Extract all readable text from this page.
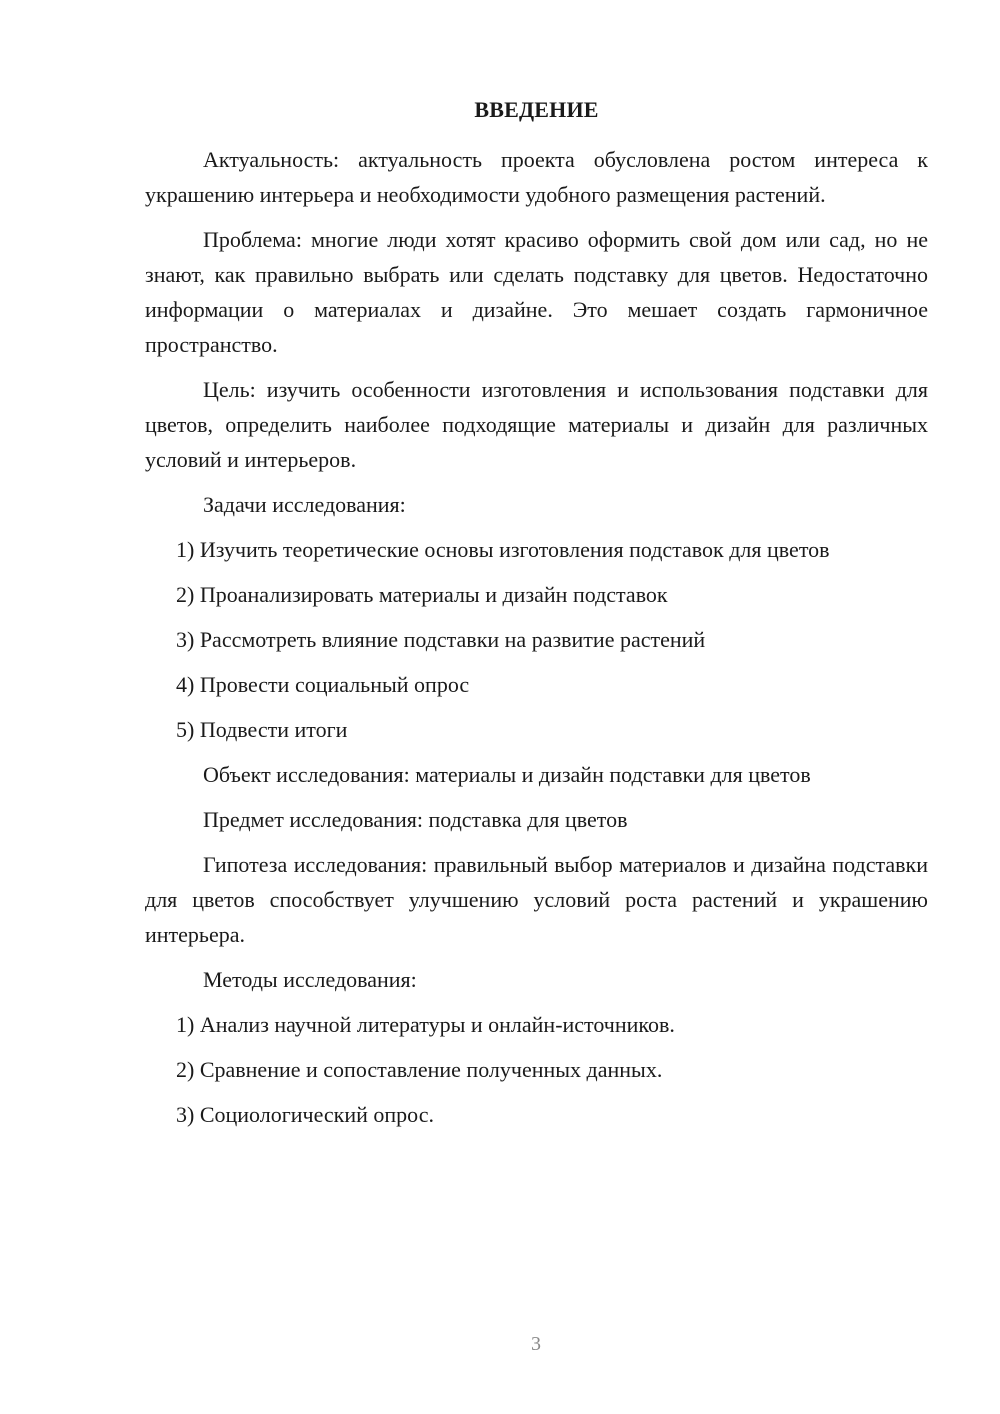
ВВЕДЕНИЕ

Актуальность: актуальность проекта обусловлена ростом интереса к украшению интерьера и необходимости удобного размещения растений.

Проблема: многие люди хотят красиво оформить свой дом или сад, но не знают, как правильно выбрать или сделать подставку для цветов. Недостаточно информации о материалах и дизайне. Это мешает создать гармоничное пространство.

Цель: изучить особенности изготовления и использования подставки для цветов, определить наиболее подходящие материалы и дизайн для различных условий и интерьеров.

Задачи исследования:

1) Изучить теоретические основы изготовления подставок для цветов

2) Проанализировать материалы и дизайн подставок

3) Рассмотреть влияние подставки на развитие растений

4) Провести социальный опрос

5) Подвести итоги

Объект исследования: материалы и дизайн подставки для цветов

Предмет исследования: подставка для цветов

Гипотеза исследования: правильный выбор материалов и дизайна подставки для цветов способствует улучшению условий роста растений и украшению интерьера.

Методы исследования:

1) Анализ научной литературы и онлайн-источников.

2) Сравнение и сопоставление полученных данных.

3) Социологический опрос.

3
